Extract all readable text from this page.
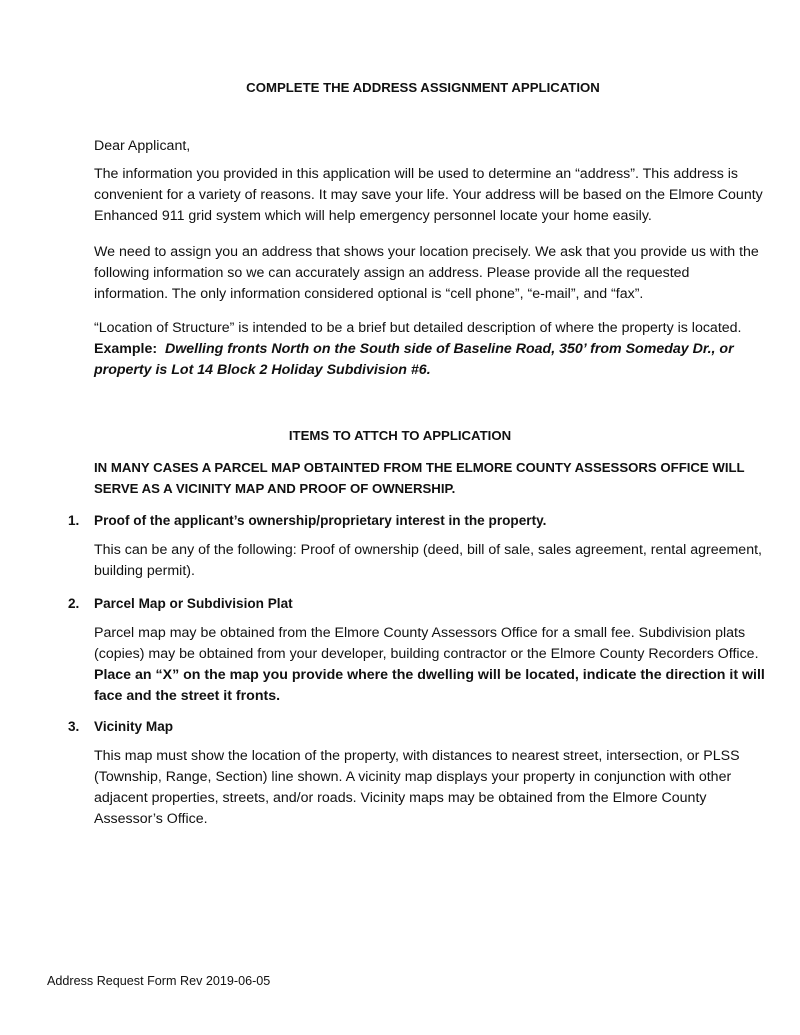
COMPLETE THE ADDRESS ASSIGNMENT APPLICATION

Dear Applicant,

The information you provided in this application will be used to determine an “address”. This address is convenient for a variety of reasons. It may save your life. Your address will be based on the Elmore County Enhanced 911 grid system which will help emergency personnel locate your home easily.

We need to assign you an address that shows your location precisely. We ask that you provide us with the following information so we can accurately assign an address. Please provide all the requested information. The only information considered optional is “cell phone”, “e-mail”, and “fax”.

“Location of Structure” is intended to be a brief but detailed description of where the property is located. Example: Dwelling fronts North on the South side of Baseline Road, 350’ from Someday Dr., or property is Lot 14 Block 2 Holiday Subdivision #6.

ITEMS TO ATTCH TO APPLICATION
IN MANY CASES A PARCEL MAP OBTAINTED FROM THE ELMORE COUNTY ASSESSORS OFFICE WILL SERVE AS A VICINITY MAP AND PROOF OF OWNERSHIP.
1. Proof of the applicant’s ownership/proprietary interest in the property.

This can be any of the following: Proof of ownership (deed, bill of sale, sales agreement, rental agreement, building permit).

2. Parcel Map or Subdivision Plat

Parcel map may be obtained from the Elmore County Assessors Office for a small fee. Subdivision plats (copies) may be obtained from your developer, building contractor or the Elmore County Recorders Office.  Place an “X” on the map you provide where the dwelling will be located, indicate the direction it will face and the street it fronts.

3. Vicinity Map

This map must show the location of the property, with distances to nearest street, intersection, or PLSS (Township, Range, Section) line shown. A vicinity map displays your property in conjunction with other adjacent properties, streets, and/or roads. Vicinity maps may be obtained from the Elmore County Assessor’s Office.

Address Request Form Rev 2019-06-05
